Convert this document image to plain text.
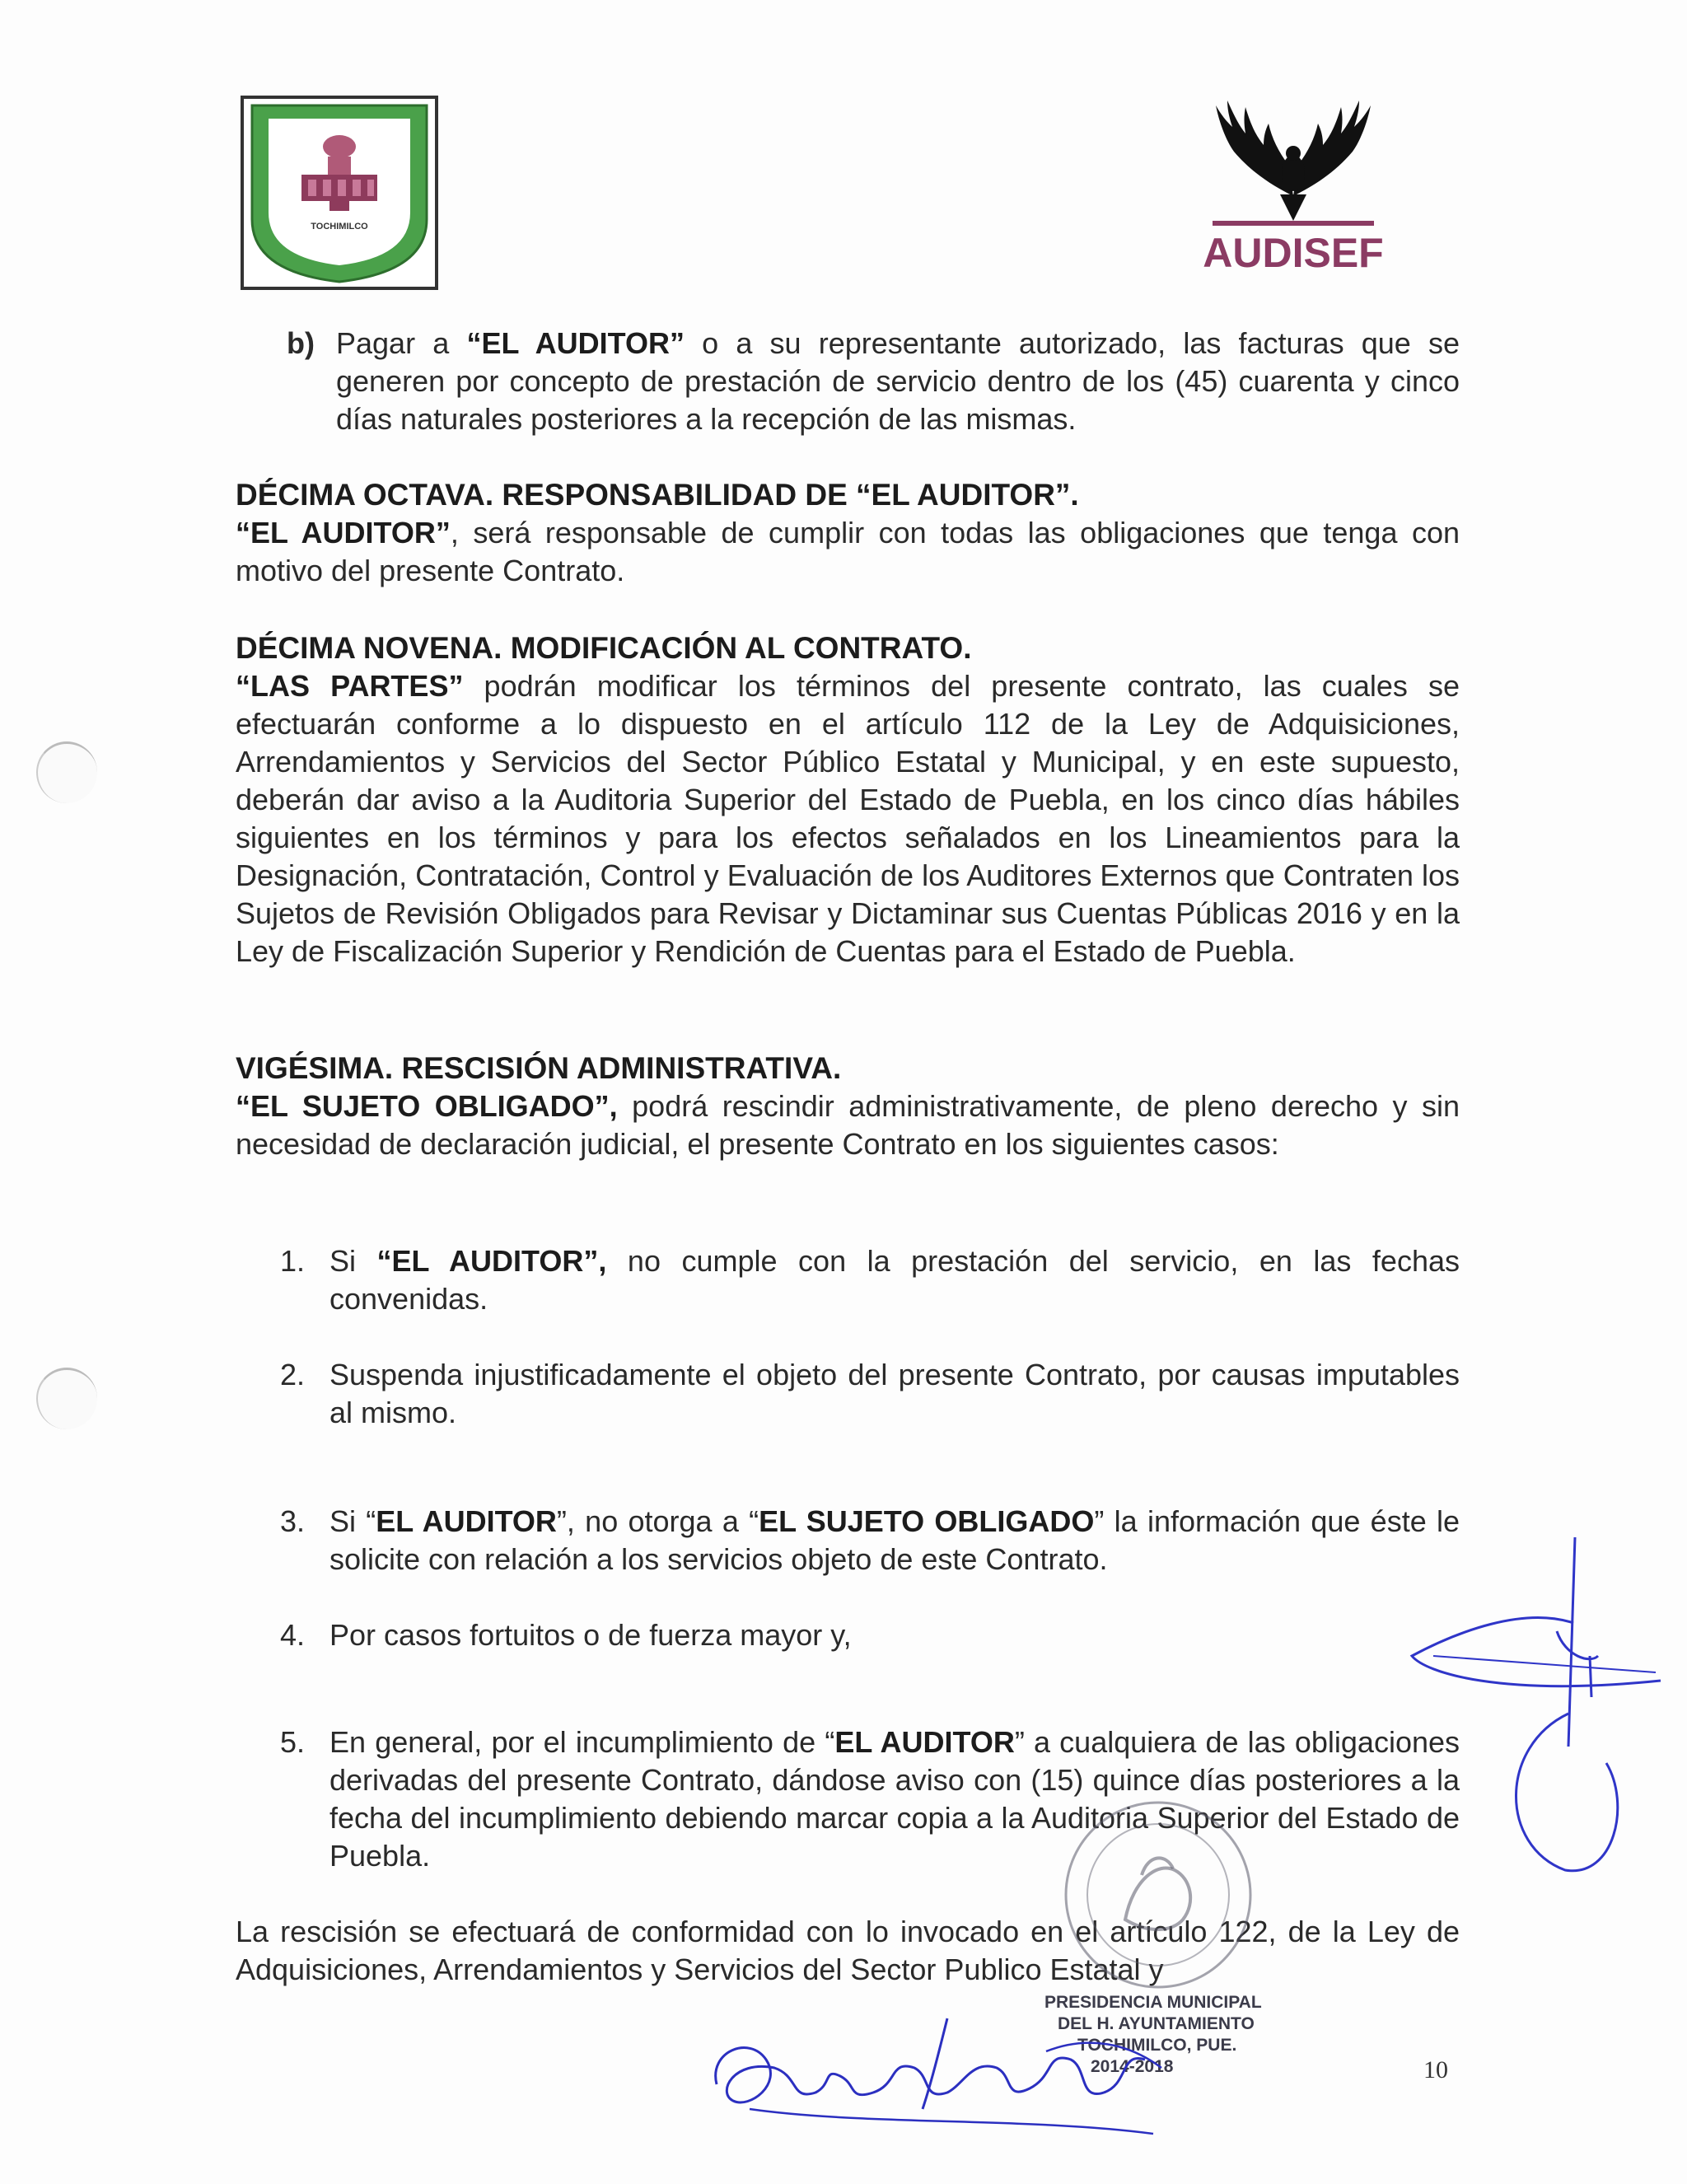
TOCHIMILCO
AUDISEF
b) Pagar a “EL AUDITOR” o a su representante autorizado, las facturas que se generen por concepto de prestación de servicio dentro de los (45) cuarenta y cinco días naturales posteriores a la recepción de las mismas.
DÉCIMA OCTAVA. RESPONSABILIDAD DE “EL AUDITOR”.
“EL AUDITOR”, será responsable de cumplir con todas las obligaciones que tenga con motivo del presente Contrato.
DÉCIMA NOVENA. MODIFICACIÓN AL CONTRATO.
“LAS PARTES” podrán modificar los términos del presente contrato, las cuales se efectuarán conforme a lo dispuesto en el artículo 112 de la Ley de Adquisiciones, Arrendamientos y Servicios del Sector Público Estatal y Municipal, y en este supuesto, deberán dar aviso a la Auditoria Superior del Estado de Puebla, en los cinco días hábiles siguientes en los términos y para los efectos señalados en los Lineamientos para la Designación, Contratación, Control y Evaluación de los Auditores Externos que Contraten los Sujetos de Revisión Obligados para Revisar y Dictaminar sus Cuentas Públicas 2016 y en la Ley de Fiscalización Superior y Rendición de Cuentas para el Estado de Puebla.
VIGÉSIMA. RESCISIÓN ADMINISTRATIVA.
“EL SUJETO OBLIGADO”, podrá rescindir administrativamente, de pleno derecho y sin necesidad de declaración judicial, el presente Contrato en los siguientes casos:
1. Si “EL AUDITOR”, no cumple con la prestación del servicio, en las fechas convenidas.
2. Suspenda injustificadamente el objeto del presente Contrato, por causas imputables al mismo.
3. Si “EL AUDITOR”, no otorga a “EL SUJETO OBLIGADO” la información que éste le solicite con relación a los servicios objeto de este Contrato.
4. Por casos fortuitos o de fuerza mayor y,
5. En general, por el incumplimiento de “EL AUDITOR” a cualquiera de las obligaciones derivadas del presente Contrato, dándose aviso con (15) quince días posteriores a la fecha del incumplimiento debiendo marcar copia a la Auditoria Superior del Estado de Puebla.
La rescisión se efectuará de conformidad con lo invocado en el artículo 122, de la Ley de Adquisiciones, Arrendamientos y Servicios del Sector Publico Estatal y
PRESIDENCIA MUNICIPAL
DEL H. AYUNTAMIENTO
TOCHIMILCO, PUE.
2014-2018	10
